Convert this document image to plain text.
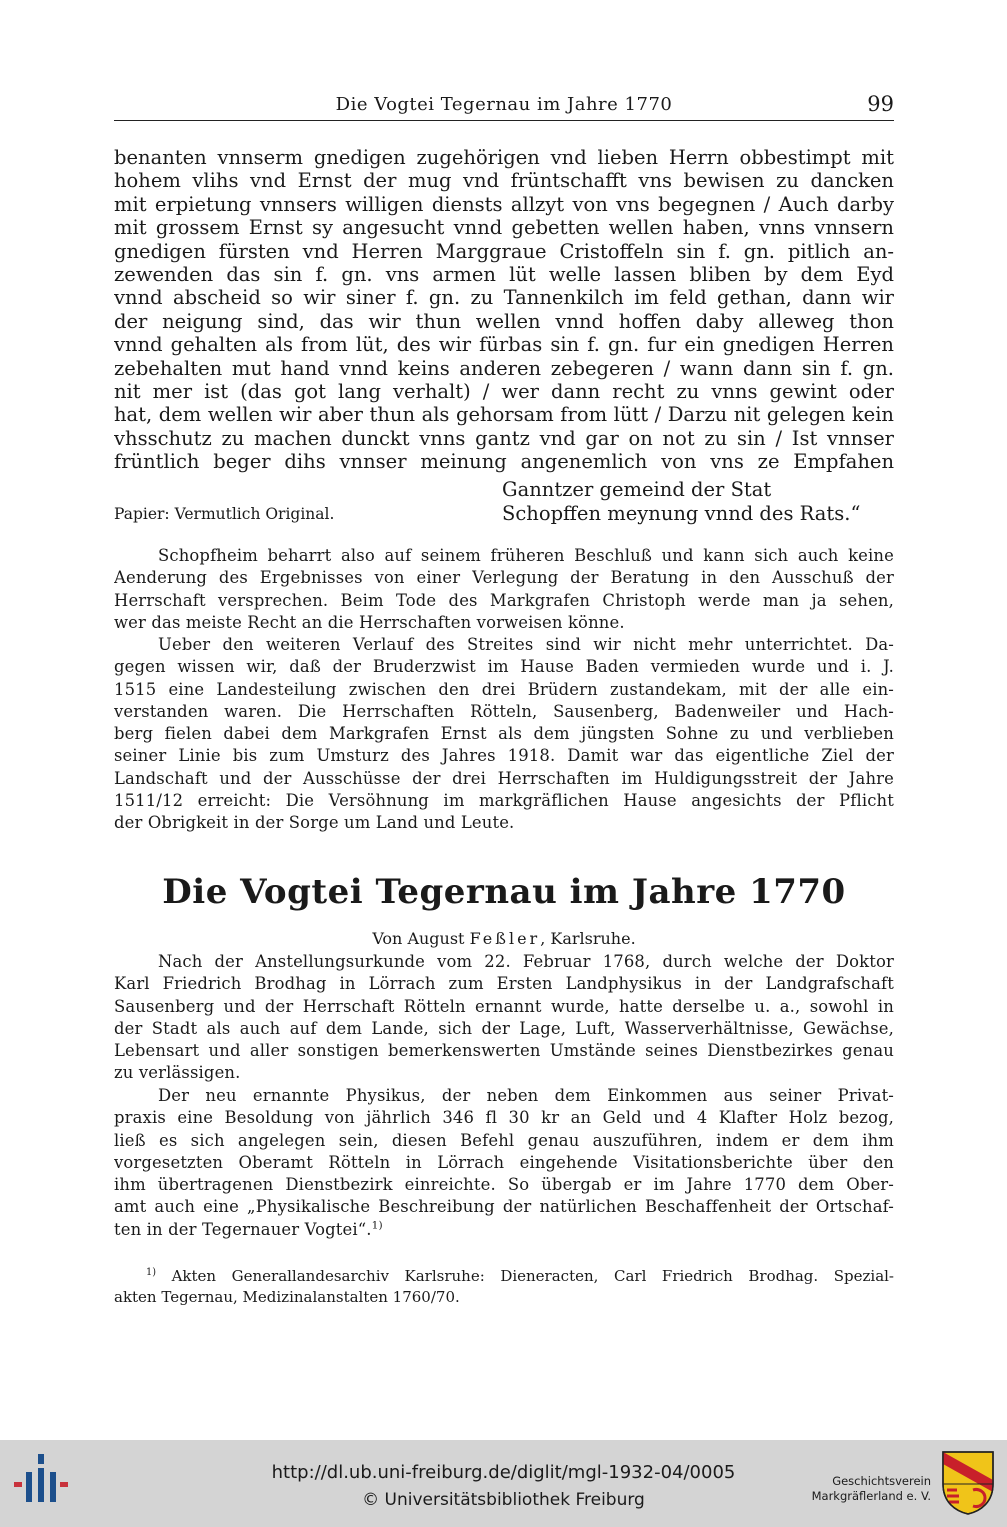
Die Vogtei Tegernau im Jahre 1770	99
benanten vnnserm gnedigen zugehörigen vnd lieben Herrn obbestimpt mit
hohem vlihs vnd Ernst der mug vnd früntschafft vns bewisen zu dancken
mit erpietung vnnsers willigen diensts allzyt von vns begegnen / Auch darby
mit grossem Ernst sy angesucht vnnd gebetten wellen haben, vnns vnnsern
gnedigen fürsten vnd Herren Marggraue Cristoffeln sin f. gn. pitlich an-
zewenden das sin f. gn. vns armen lüt welle lassen bliben by dem Eyd
vnnd abscheid so wir siner f. gn. zu Tannenkilch im feld gethan, dann wir
der neigung sind, das wir thun wellen vnnd hoffen daby alleweg thon
vnnd gehalten als from lüt, des wir fürbas sin f. gn. fur ein gnedigen Herren
zebehalten mut hand vnnd keins anderen zebegeren / wann dann sin f. gn.
nit mer ist (das got lang verhalt) / wer dann recht zu vnns gewint oder
hat, dem wellen wir aber thun als gehorsam from lütt / Darzu nit gelegen kein
vhsschutz zu machen dunckt vnns gantz vnd gar on not zu sin / Ist vnnser
früntlich beger dihs vnnser meinung angenemlich von vns ze Empfahen
Ganntzer gemeind der Stat
Schopffen meynung vnnd des Rats.“
Papier: Vermutlich Original.
Schopfheim beharrt also auf seinem früheren Beschluß und kann sich auch keine
Aenderung des Ergebnisses von einer Verlegung der Beratung in den Ausschuß der
Herrschaft versprechen. Beim Tode des Markgrafen Christoph werde man ja sehen,
wer das meiste Recht an die Herrschaften vorweisen könne.
Ueber den weiteren Verlauf des Streites sind wir nicht mehr unterrichtet. Da-
gegen wissen wir, daß der Bruderzwist im Hause Baden vermieden wurde und i. J.
1515 eine Landesteilung zwischen den drei Brüdern zustandekam, mit der alle ein-
verstanden waren. Die Herrschaften Rötteln, Sausenberg, Badenweiler und Hach-
berg fielen dabei dem Markgrafen Ernst als dem jüngsten Sohne zu und verblieben
seiner Linie bis zum Umsturz des Jahres 1918. Damit war das eigentliche Ziel der
Landschaft und der Ausschüsse der drei Herrschaften im Huldigungsstreit der Jahre
1511/12 erreicht: Die Versöhnung im markgräflichen Hause angesichts der Pflicht
der Obrigkeit in der Sorge um Land und Leute.
Die Vogtei Tegernau im Jahre 1770
Von August Feßler, Karlsruhe.
Nach der Anstellungsurkunde vom 22. Februar 1768, durch welche der Doktor
Karl Friedrich Brodhag in Lörrach zum Ersten Landphysikus in der Landgrafschaft
Sausenberg und der Herrschaft Rötteln ernannt wurde, hatte derselbe u. a., sowohl in
der Stadt als auch auf dem Lande, sich der Lage, Luft, Wasserverhältnisse, Gewächse,
Lebensart und aller sonstigen bemerkenswerten Umstände seines Dienstbezirkes genau
zu verlässigen.
Der neu ernannte Physikus, der neben dem Einkommen aus seiner Privat-
praxis eine Besoldung von jährlich 346 fl 30 kr an Geld und 4 Klafter Holz bezog,
ließ es sich angelegen sein, diesen Befehl genau auszuführen, indem er dem ihm
vorgesetzten Oberamt Rötteln in Lörrach eingehende Visitationsberichte über den
ihm übertragenen Dienstbezirk einreichte. So übergab er im Jahre 1770 dem Ober-
amt auch eine „Physikalische Beschreibung der natürlichen Beschaffenheit der Ortschaf-
ten in der Tegernauer Vogtei“.$^{1)}$
$^{1)}$ Akten Generallandesarchiv Karlsruhe: Dieneracten, Carl Friedrich Brodhag. Spezial-
akten Tegernau, Medizinalanstalten 1760/70.
http://dl.ub.uni-freiburg.de/diglit/mgl-1932-04/0005
© Universitätsbibliothek Freiburg
Geschichtsverein
Markgräflerland e. V.
